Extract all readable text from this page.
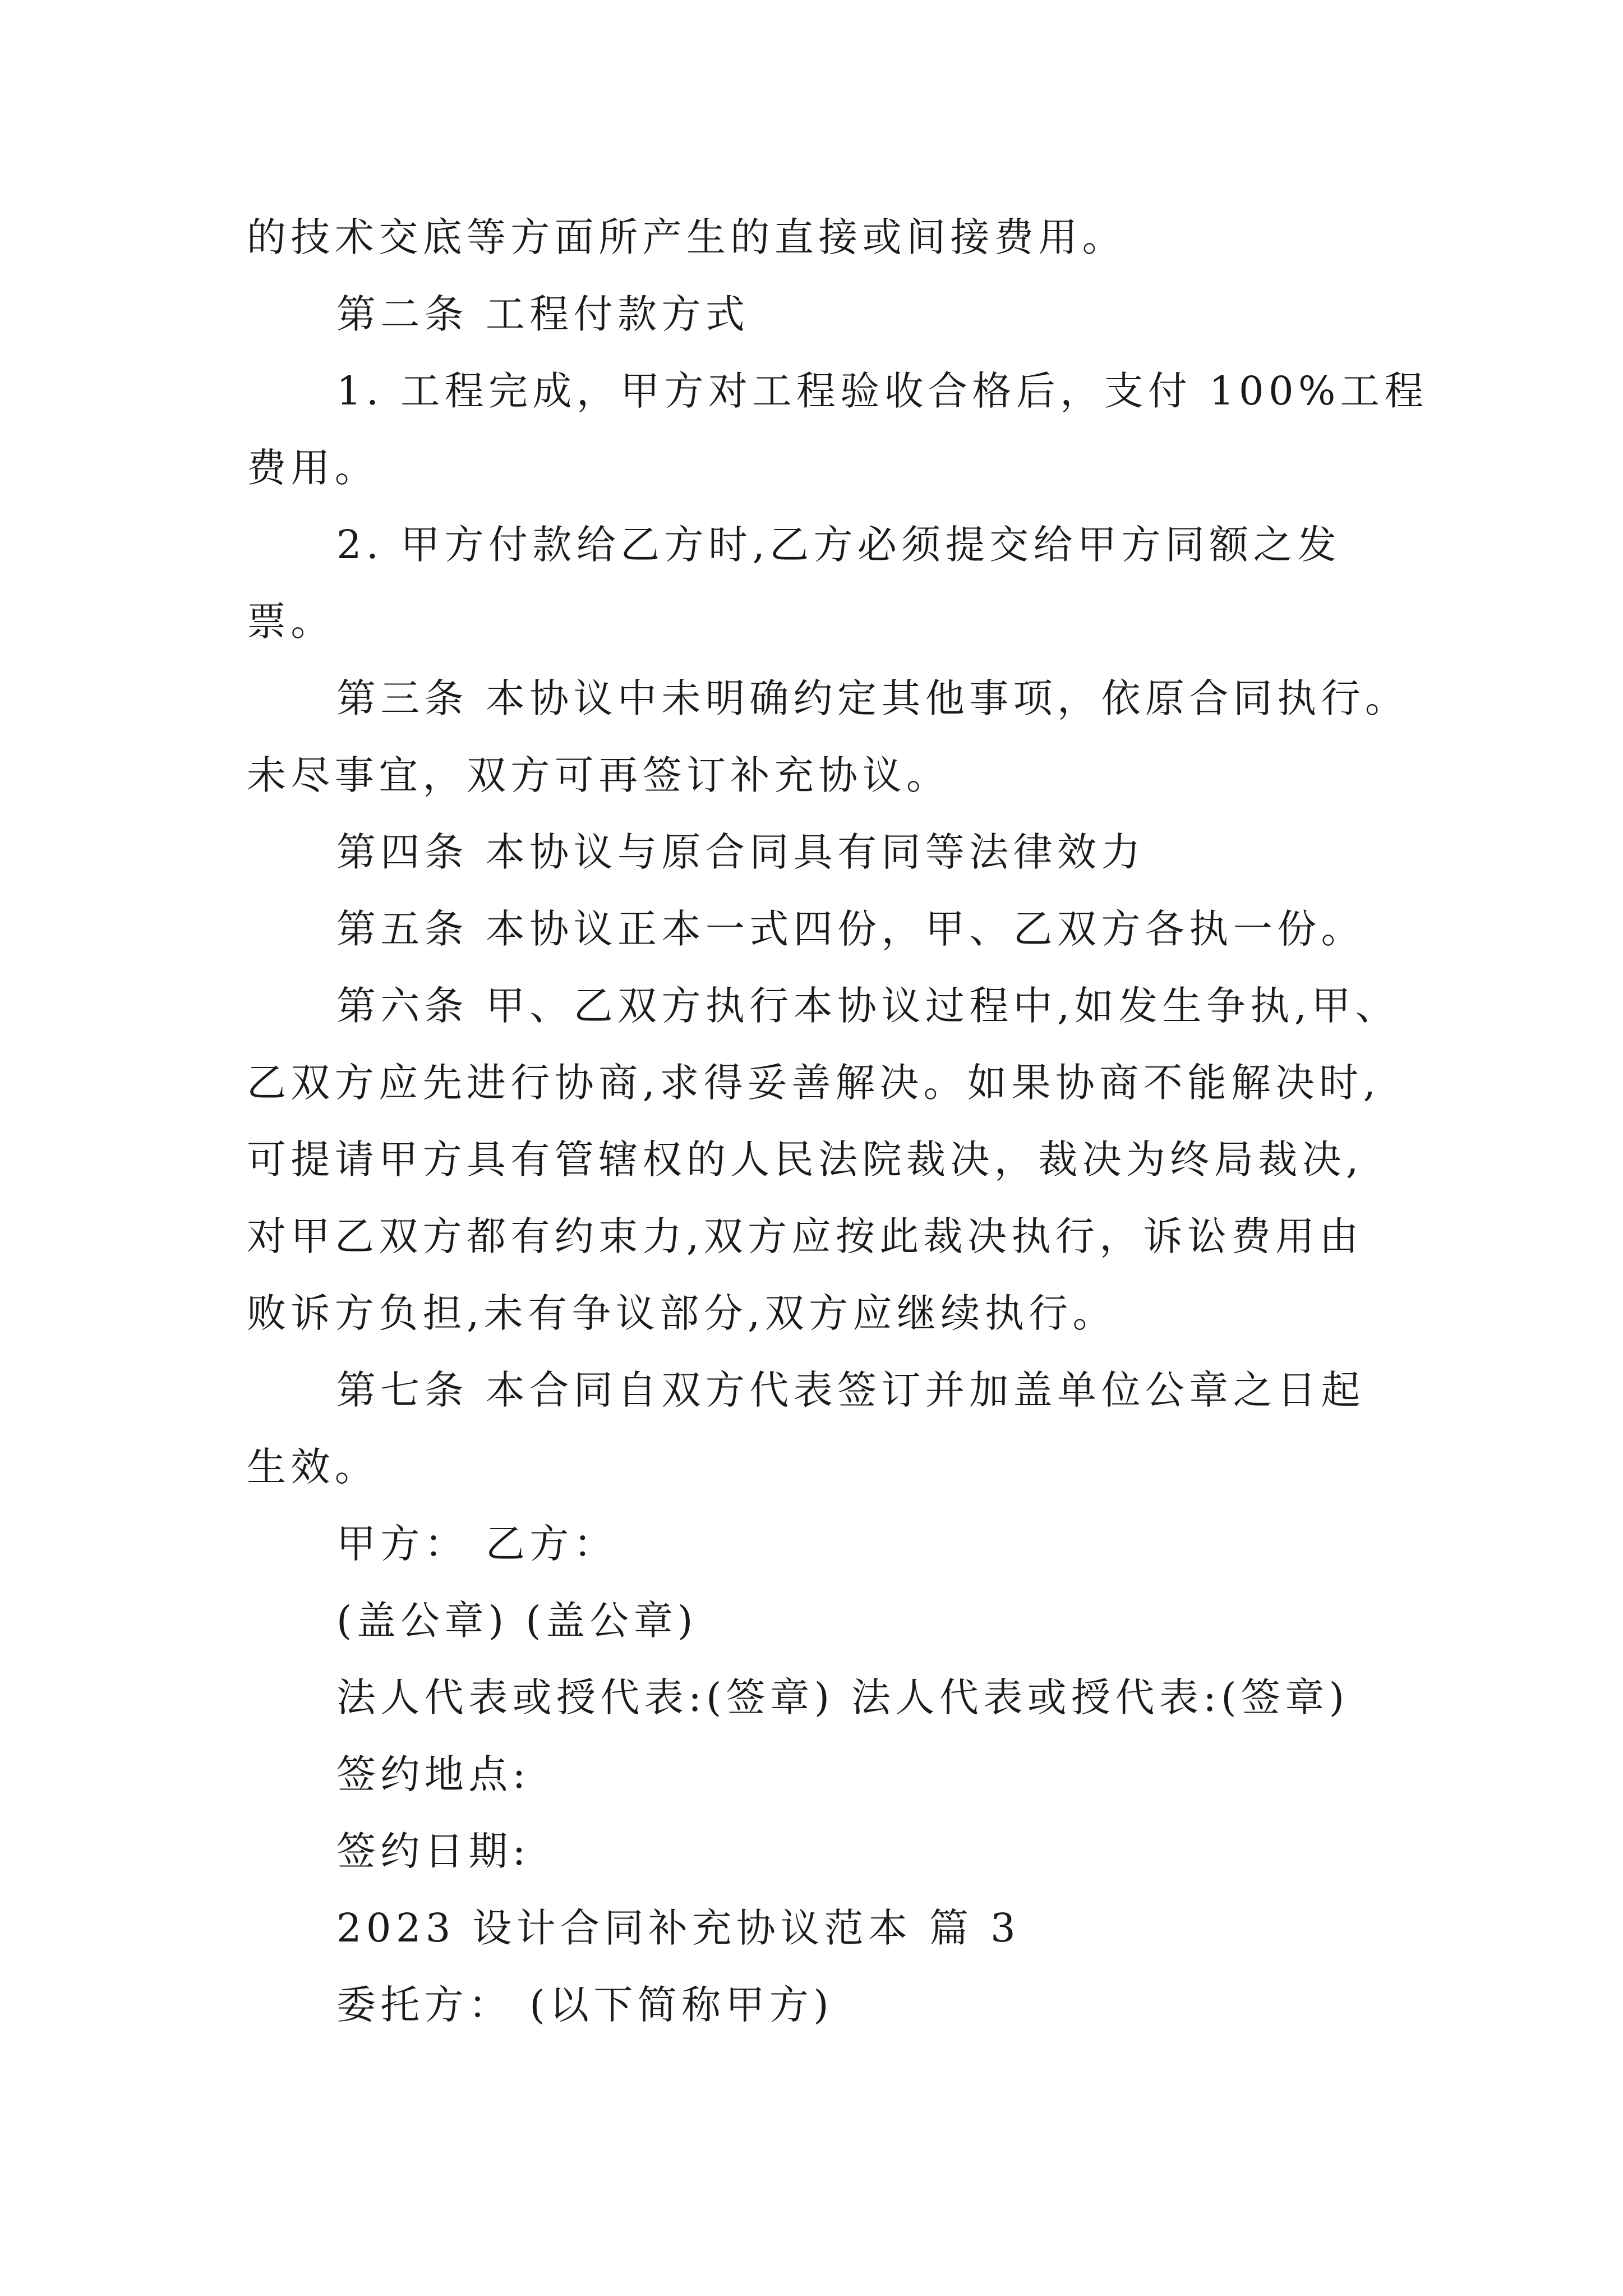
的技术交底等方面所产生的直接或间接费用。

第二条 工程付款方式

1. 工程完成，甲方对工程验收合格后，支付 100%工程
费用。

2. 甲方付款给乙方时,乙方必须提交给甲方同额之发
票。

第三条 本协议中未明确约定其他事项，依原合同执行。
未尽事宜，双方可再签订补充协议。

第四条 本协议与原合同具有同等法律效力

第五条 本协议正本一式四份，甲、乙双方各执一份。

第六条 甲、乙双方执行本协议过程中,如发生争执,甲、
乙双方应先进行协商,求得妥善解决。如果协商不能解决时,
可提请甲方具有管辖权的人民法院裁决，裁决为终局裁决,
对甲乙双方都有约束力,双方应按此裁决执行，诉讼费用由
败诉方负担,未有争议部分,双方应继续执行。

第七条 本合同自双方代表签订并加盖单位公章之日起
生效。

甲方： 乙方：

(盖公章) (盖公章)

法人代表或授代表:(签章) 法人代表或授代表:(签章)

签约地点:

签约日期:

2023 设计合同补充协议范本 篇 3

委托方： (以下简称甲方)
